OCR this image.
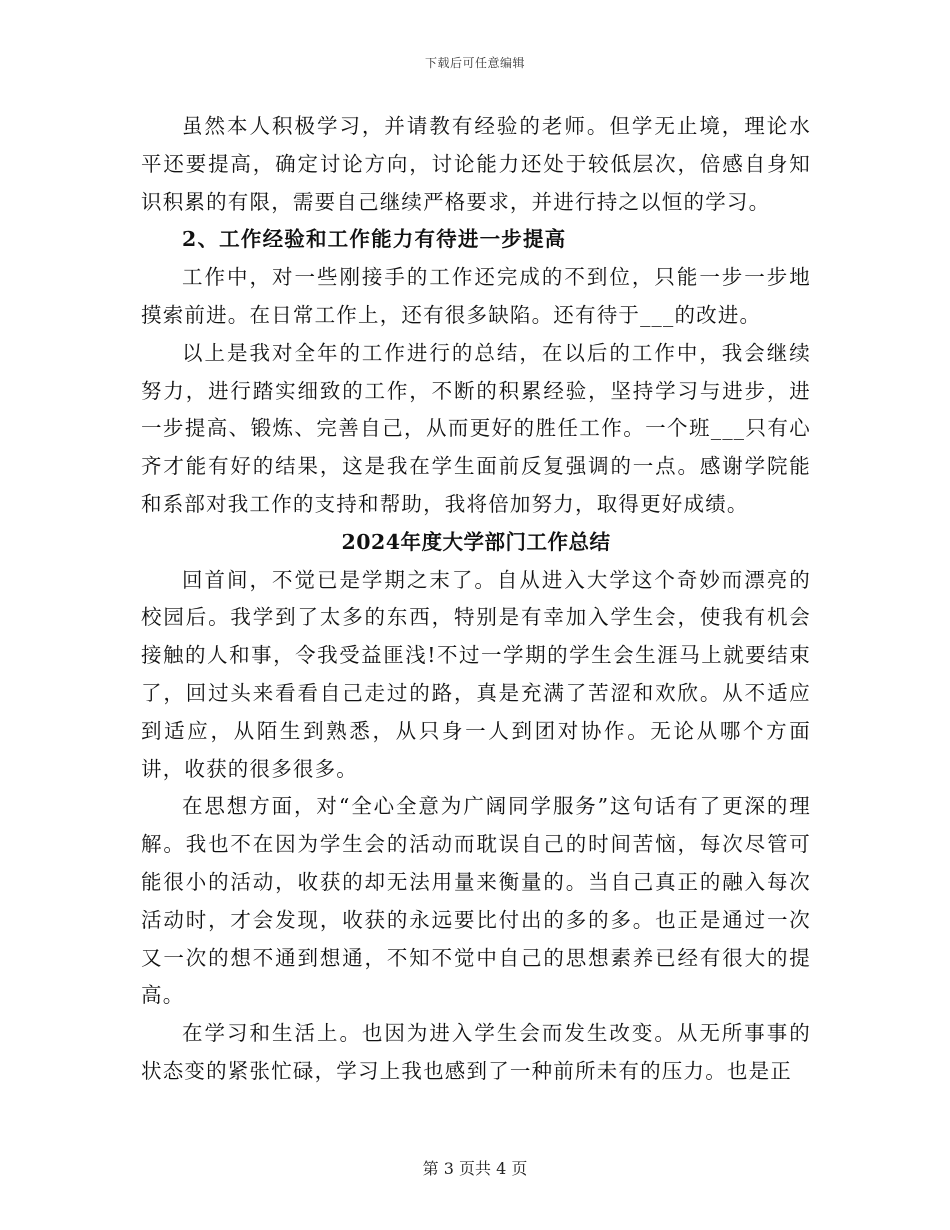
下载后可任意编辑

虽然本人积极学习，并请教有经验的老师。但学无止境，理论水平还要提高，确定讨论方向，讨论能力还处于较低层次，倍感自身知识积累的有限，需要自己继续严格要求，并进行持之以恒的学习。

2、工作经验和工作能力有待进一步提高

工作中，对一些刚接手的工作还完成的不到位，只能一步一步地摸索前进。在日常工作上，还有很多缺陷。还有待于___的改进。

以上是我对全年的工作进行的总结，在以后的工作中，我会继续努力，进行踏实细致的工作，不断的积累经验，坚持学习与进步，进一步提高、锻炼、完善自己，从而更好的胜任工作。一个班___只有心齐才能有好的结果，这是我在学生面前反复强调的一点。感谢学院能和系部对我工作的支持和帮助，我将倍加努力，取得更好成绩。

2024年度大学部门工作总结

回首间，不觉已是学期之末了。自从进入大学这个奇妙而漂亮的校园后。我学到了太多的东西，特别是有幸加入学生会，使我有机会接触的人和事，令我受益匪浅!不过一学期的学生会生涯马上就要结束了，回过头来看看自己走过的路，真是充满了苦涩和欢欣。从不适应到适应，从陌生到熟悉，从只身一人到团对协作。无论从哪个方面讲，收获的很多很多。

在思想方面，对“全心全意为广阔同学服务”这句话有了更深的理解。我也不在因为学生会的活动而耽误自己的时间苦恼，每次尽管可能很小的活动，收获的却无法用量来衡量的。当自己真正的融入每次活动时，才会发现，收获的永远要比付出的多的多。也正是通过一次又一次的想不通到想通，不知不觉中自己的思想素养已经有很大的提高。

在学习和生活上。也因为进入学生会而发生改变。从无所事事的状态变的紧张忙碌，学习上我也感到了一种前所未有的压力。也是正

第 3 页共 4 页
